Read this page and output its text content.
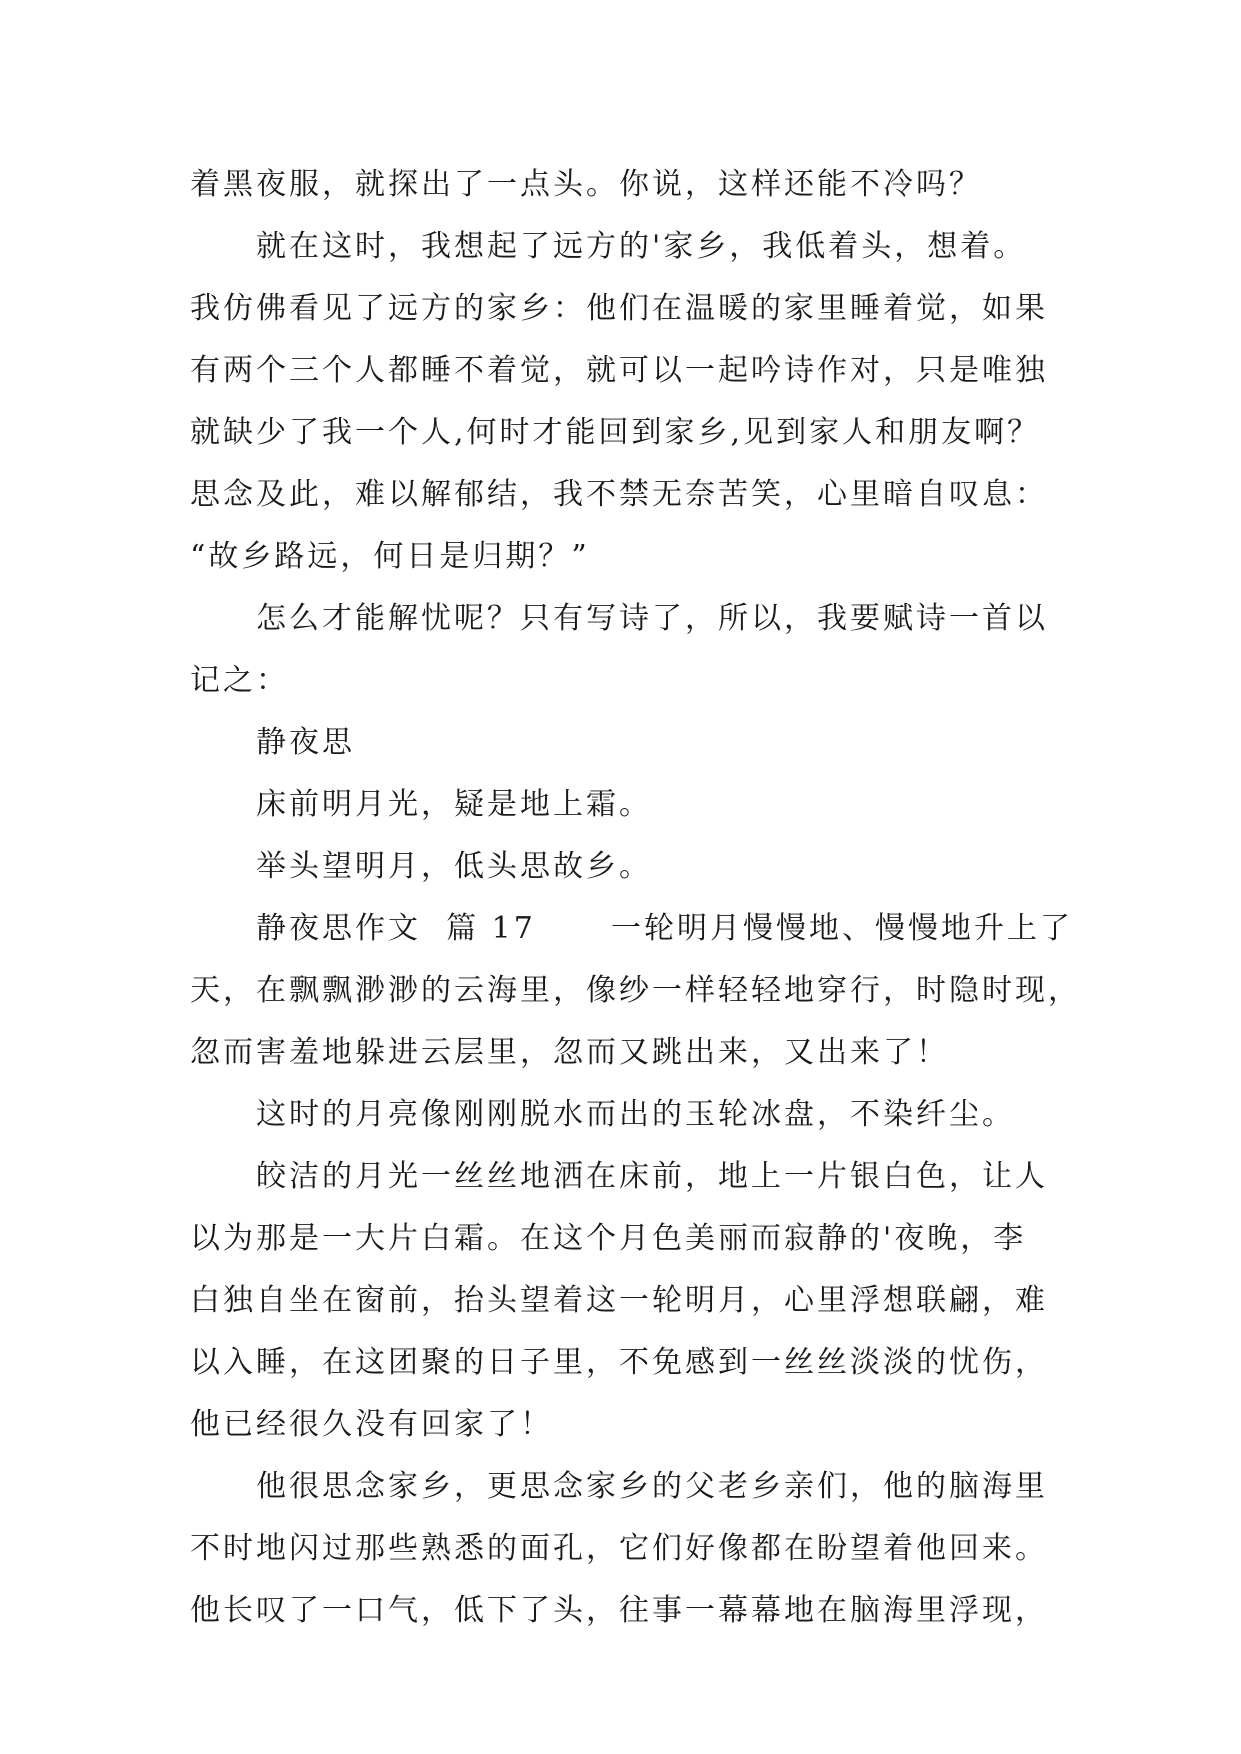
着黑夜服，就探出了一点头。你说，这样还能不冷吗？
就在这时，我想起了远方的'家乡，我低着头，想着。
我仿佛看见了远方的家乡：他们在温暖的家里睡着觉，如果
有两个三个人都睡不着觉，就可以一起吟诗作对，只是唯独
就缺少了我一个人,何时才能回到家乡,见到家人和朋友啊？
思念及此，难以解郁结，我不禁无奈苦笑，心里暗自叹息：
“故乡路远，何日是归期？”
怎么才能解忧呢？只有写诗了，所以，我要赋诗一首以
记之：
静夜思
床前明月光，疑是地上霜。
举头望明月，低头思故乡。
静夜思作文  篇 17      一轮明月慢慢地、慢慢地升上了
天，在飘飘渺渺的云海里，像纱一样轻轻地穿行，时隐时现，
忽而害羞地躲进云层里，忽而又跳出来，又出来了！
这时的月亮像刚刚脱水而出的玉轮冰盘，不染纤尘。
皎洁的月光一丝丝地洒在床前，地上一片银白色，让人
以为那是一大片白霜。在这个月色美丽而寂静的'夜晚，李
白独自坐在窗前，抬头望着这一轮明月，心里浮想联翩，难
以入睡，在这团聚的日子里，不免感到一丝丝淡淡的忧伤，
他已经很久没有回家了！
他很思念家乡，更思念家乡的父老乡亲们，他的脑海里
不时地闪过那些熟悉的面孔，它们好像都在盼望着他回来。
他长叹了一口气，低下了头，往事一幕幕地在脑海里浮现，
